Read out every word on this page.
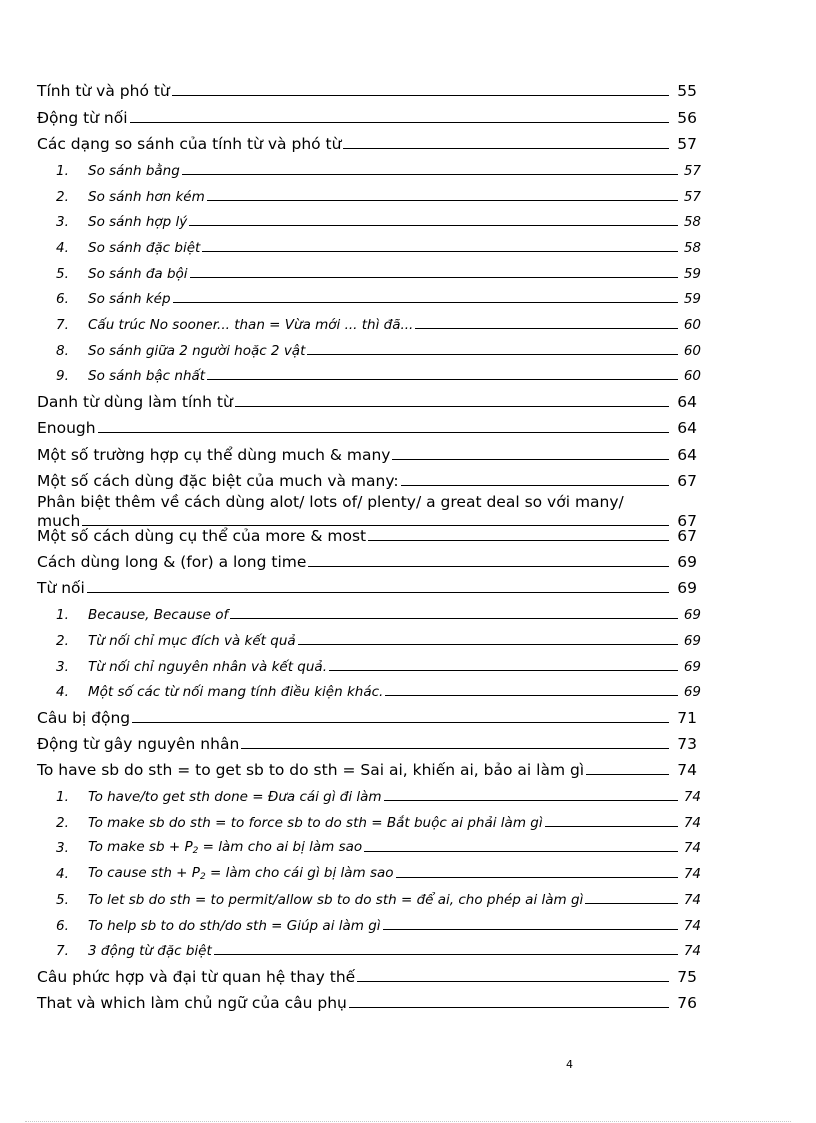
Tính từ và phó từ	55
Động từ nối	56
Các dạng so sánh của tính từ và phó từ	57
1.	So sánh bằng	57
2.	So sánh hơn kém	57
3.	So sánh hợp lý	58
4.	So sánh đặc biệt	58
5.	So sánh đa bội	59
6.	So sánh kép	59
7.	Cấu trúc No sooner... than = Vừa mới ... thì đã...	60
8.	So sánh giữa 2 người hoặc 2 vật	60
9.	So sánh bậc nhất	60
Danh từ dùng làm tính từ	64
Enough	64
Một số trường hợp cụ thể dùng much & many	64
Một số cách dùng đặc biệt của much và many:	67
Phân biệt thêm về cách dùng alot/ lots of/ plenty/ a great deal so với many/
much	67
Một số cách dùng cụ thể của more & most	67
Cách dùng long & (for) a long time	69
Từ nối	69
1.	Because, Because of	69
2.	Từ nối chỉ mục đích và kết quả	69
3.	Từ nối chỉ nguyên nhân và kết quả.	69
4.	Một số các từ nối mang tính điều kiện khác.	69
Câu bị động	71
Động từ gây nguyên nhân	73
To have sb do sth = to get sb to do sth = Sai ai, khiến ai, bảo ai làm gì	74
1.	To have/to get sth done = Đưa cái gì đi làm	74
2.	To make sb do sth = to force sb to do sth = Bắt buộc ai phải làm gì	74
3.	To make sb + $P_2$ = làm cho ai bị làm sao	74
4.	To cause sth + $P_2$ = làm cho cái gì bị làm sao	74
5.	To let sb do sth = to permit/allow sb to do sth = để ai, cho phép ai làm gì	74
6.	To help sb to do sth/do sth = Giúp ai làm gì	74
7.	3 động từ đặc biệt	74
Câu phức hợp và đại từ quan hệ thay thế	75
That và which làm chủ ngữ của câu phụ	76
4
